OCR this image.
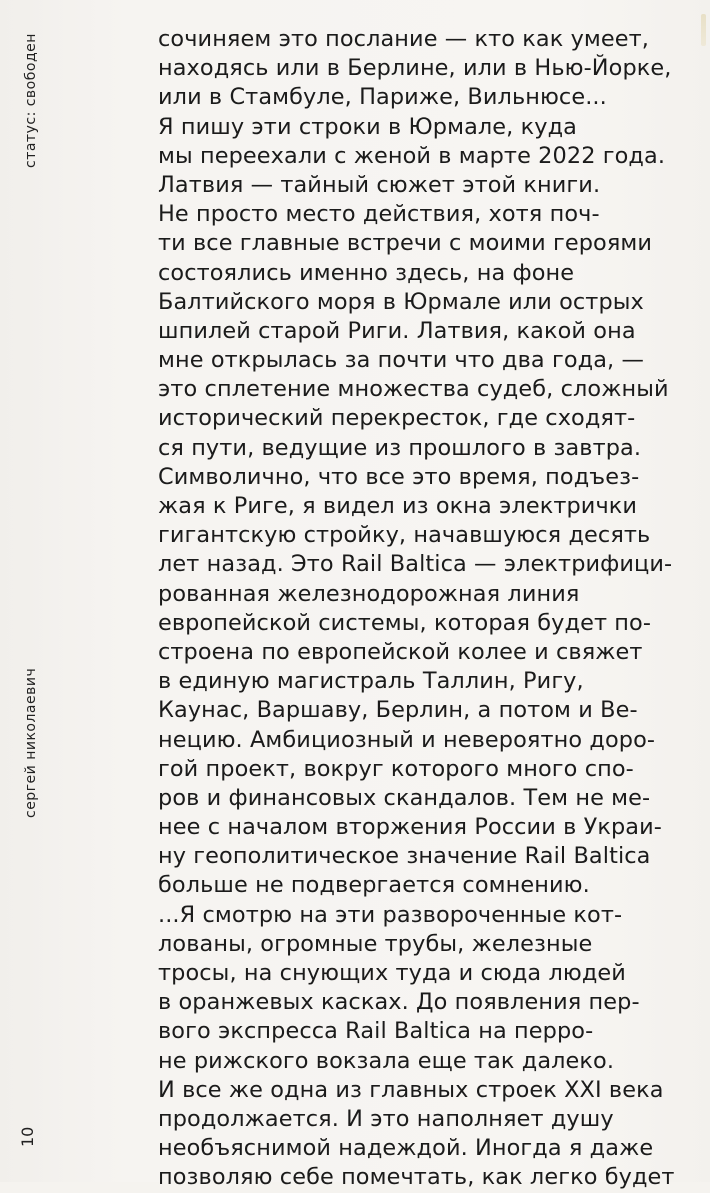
статус: свободен
сергей николаевич
10
сочиняем это послание — кто как умеет,
находясь или в Берлине, или в Нью-Йорке,
или в Стамбуле, Париже, Вильнюсе...
Я пишу эти строки в Юрмале, куда
мы переехали с женой в марте 2022 года.
Латвия — тайный сюжет этой книги.
Не просто место действия, хотя поч-
ти все главные встречи с моими героями
состоялись именно здесь, на фоне
Балтийского моря в Юрмале или острых
шпилей старой Риги. Латвия, какой она
мне открылась за почти что два года, —
это сплетение множества судеб, сложный
исторический перекресток, где сходят-
ся пути, ведущие из прошлого в завтра.
Символично, что все это время, подъез-
жая к Риге, я видел из окна электрички
гигантскую стройку, начавшуюся десять
лет назад. Это Rail Baltica — электрифици-
рованная железнодорожная линия
европейской системы, которая будет по-
строена по европейской колее и свяжет
в единую магистраль Таллин, Ригу,
Каунас, Варшаву, Берлин, а потом и Ве-
нецию. Амбициозный и невероятно доро-
гой проект, вокруг которого много спо-
ров и финансовых скандалов. Тем не ме-
нее с началом вторжения России в Украи-
ну геополитическое значение Rail Baltica
больше не подвергается сомнению.
...Я смотрю на эти развороченные кот-
лованы, огромные трубы, железные
тросы, на снующих туда и сюда людей
в оранжевых касках. До появления пер-
вого экспресса Rail Baltica на перро-
не рижского вокзала еще так далеко.
И все же одна из главных строек XXI века
продолжается. И это наполняет душу
необъяснимой надеждой. Иногда я даже
позволяю себе помечтать, как легко будет
